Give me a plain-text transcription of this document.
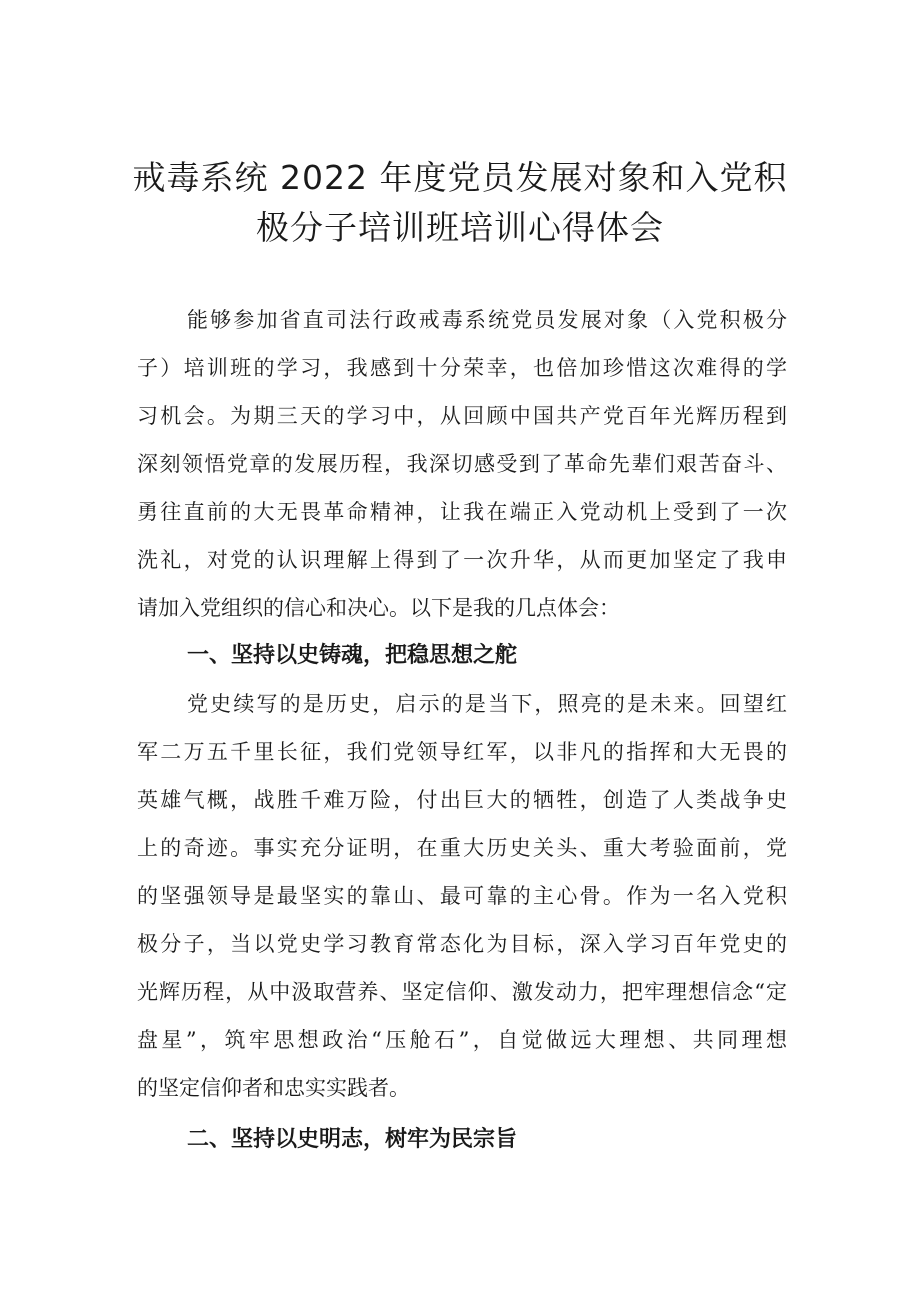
戒毒系统 2022 年度党员发展对象和入党积
极分子培训班培训心得体会
能够参加省直司法行政戒毒系统党员发展对象（入党积极分
子）培训班的学习，我感到十分荣幸，也倍加珍惜这次难得的学
习机会。为期三天的学习中，从回顾中国共产党百年光辉历程到
深刻领悟党章的发展历程，我深切感受到了革命先辈们艰苦奋斗、
勇往直前的大无畏革命精神，让我在端正入党动机上受到了一次
洗礼，对党的认识理解上得到了一次升华，从而更加坚定了我申
请加入党组织的信心和决心。以下是我的几点体会：
一、坚持以史铸魂，把稳思想之舵
党史续写的是历史，启示的是当下，照亮的是未来。回望红
军二万五千里长征，我们党领导红军，以非凡的指挥和大无畏的
英雄气概，战胜千难万险，付出巨大的牺牲，创造了人类战争史
上的奇迹。事实充分证明，在重大历史关头、重大考验面前，党
的坚强领导是最坚实的靠山、最可靠的主心骨。作为一名入党积
极分子，当以党史学习教育常态化为目标，深入学习百年党史的
光辉历程，从中汲取营养、坚定信仰、激发动力，把牢理想信念“定
盘星”，筑牢思想政治“压舱石”，自觉做远大理想、共同理想
的坚定信仰者和忠实实践者。
二、坚持以史明志，树牢为民宗旨
